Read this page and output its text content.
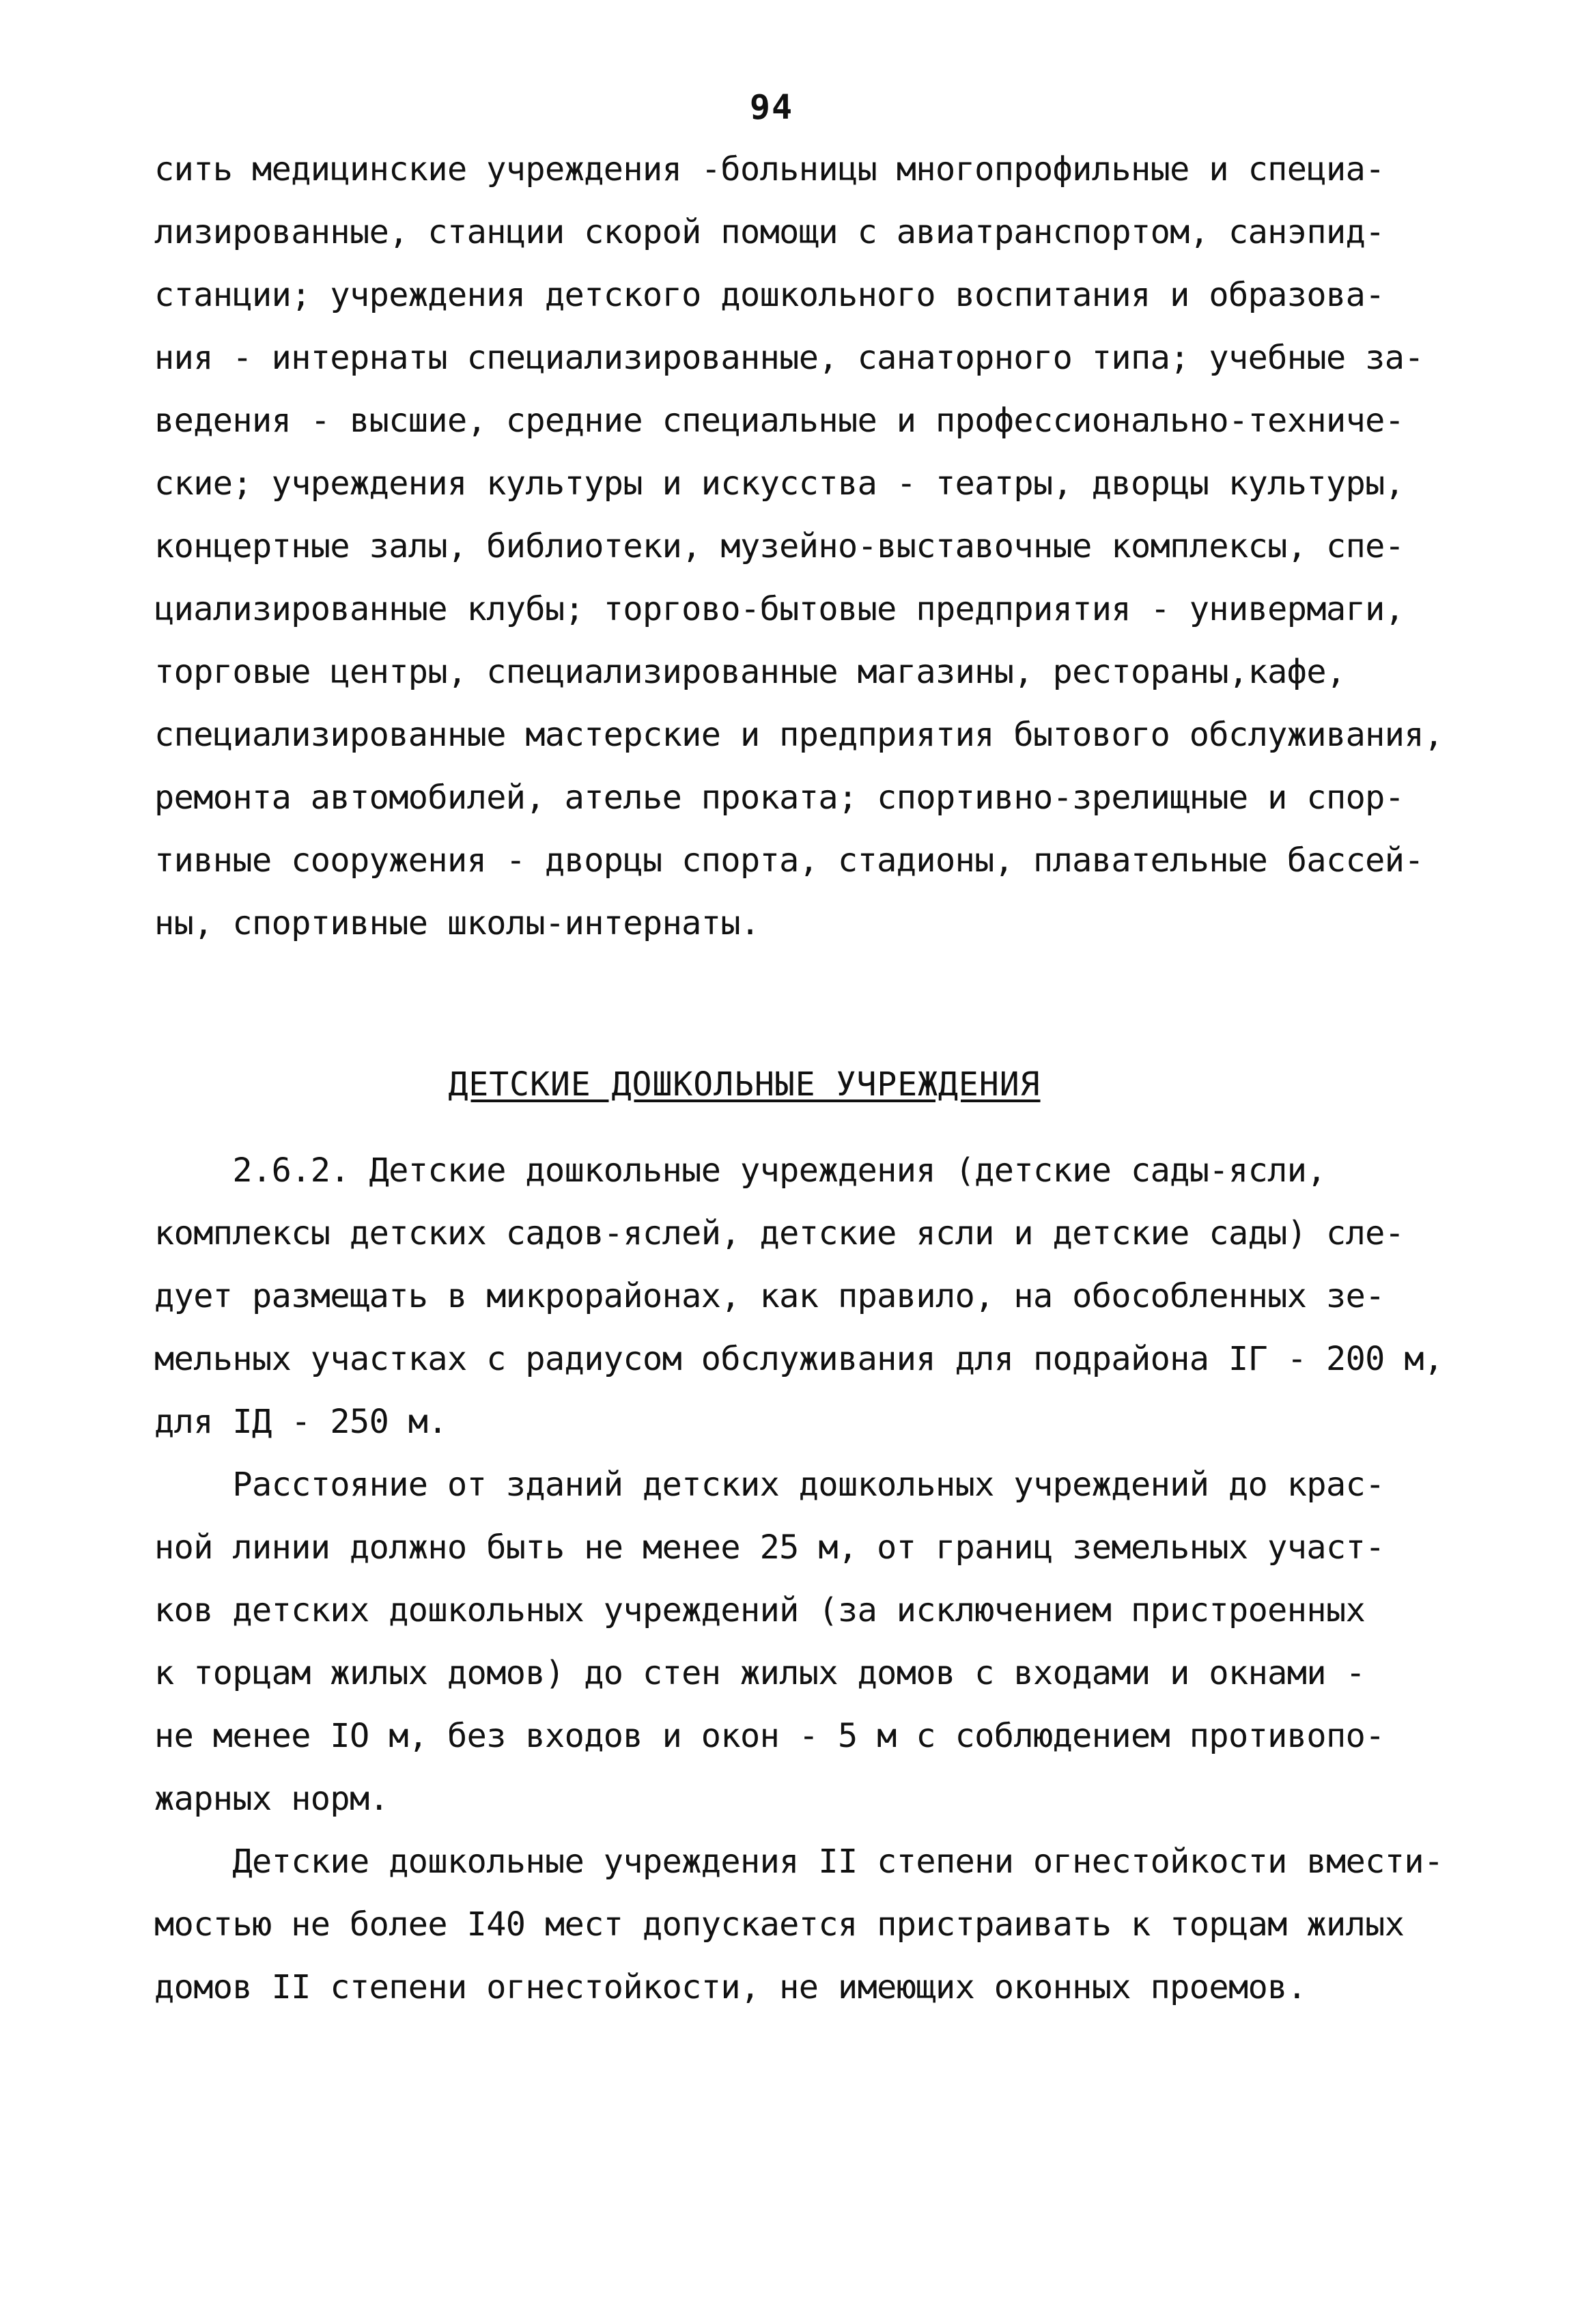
94
сить медицинские учреждения -больницы многопрофильные и специа-
лизированные, станции скорой помощи с авиатранспортом, санэпид-
станции; учреждения детского дошкольного воспитания и образова-
ния - интернаты специализированные, санаторного типа; учебные за-
ведения - высшие, средние специальные и профессионально-техниче-
ские; учреждения культуры и искусства - театры, дворцы культуры,
концертные залы, библиотеки, музейно-выставочные комплексы, спе-
циализированные клубы; торгово-бытовые предприятия - универмаги,
торговые центры, специализированные магазины, рестораны,кафе,
специализированные мастерские и предприятия бытового обслуживания,
ремонта автомобилей, ателье проката; спортивно-зрелищные и спор-
тивные сооружения - дворцы спорта, стадионы, плавательные бассей-
ны, спортивные школы-интернаты.
ДЕТСКИЕ ДОШКОЛЬНЫЕ УЧРЕЖДЕНИЯ
2.6.2. Детские дошкольные учреждения (детские сады-ясли,
комплексы детских садов-яслей, детские ясли и детские сады) сле-
дует размещать в микрорайонах, как правило, на обособленных зе-
мельных участках с радиусом обслуживания для подрайона IГ - 200 м,
для IД - 250 м.
Расстояние от зданий детских дошкольных учреждений до крас-
ной линии должно быть не менее 25 м, от границ земельных участ-
ков детских дошкольных учреждений (за исключением пристроенных
к торцам жилых домов) до стен жилых домов с входами и окнами -
не менее IO м, без входов и окон - 5 м с соблюдением противопо-
жарных норм.
Детские дошкольные учреждения II степени огнестойкости вмести-
мостью не более I40 мест допускается пристраивать к торцам жилых
домов II степени огнестойкости, не имеющих оконных проемов.
